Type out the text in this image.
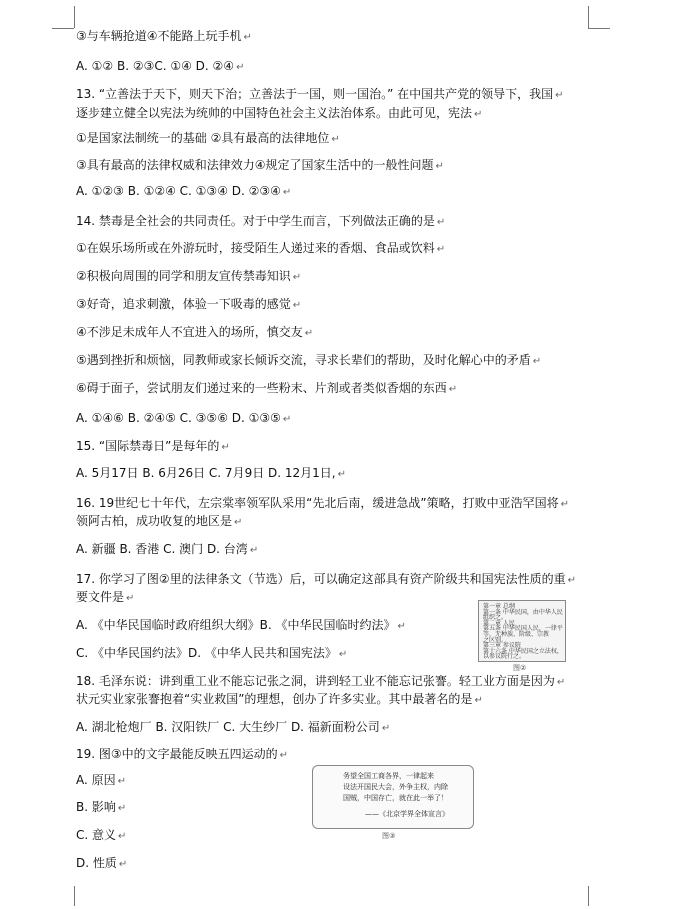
③与车辆抢道④不能路上玩手机 ↵
A. ①② B. ②③C. ①④ D. ②④ ↵
13. “立善法于天下，则天下治；立善法于一国，则一国治。” 在中国共产党的领导下，我国 ↵
逐步建立健全以宪法为统帅的中国特色社会主义法治体系。由此可见，宪法 ↵
①是国家法制统一的基础 ②具有最高的法律地位 ↵
③具有最高的法律权威和法律效力④规定了国家生活中的一般性问题 ↵
A. ①②③ B. ①②④ C. ①③④ D. ②③④ ↵
14. 禁毒是全社会的共同责任。对于中学生而言，下列做法正确的是 ↵
①在娱乐场所或在外游玩时，接受陌生人递过来的香烟、食品或饮料 ↵
②积极向周围的同学和朋友宣传禁毒知识 ↵
③好奇，追求刺激，体验一下吸毒的感觉 ↵
④不涉足未成年人不宜进入的场所，慎交友 ↵
⑤遇到挫折和烦恼，同教师或家长倾诉交流，寻求长辈们的帮助，及时化解心中的矛盾 ↵
⑥碍于面子，尝试朋友们递过来的一些粉末、片剂或者类似香烟的东西 ↵
A. ①④⑥ B. ②④⑤ C. ③⑤⑥ D. ①③⑤ ↵
15. “国际禁毒日”是每年的 ↵
A. 5月17日 B. 6月26日 C. 7月9日 D. 12月1日, ↵
16. 19世纪七十年代，左宗棠率领军队采用“先北后南，缓进急战”策略，打败中亚浩罕国将 ↵
领阿古柏，成功收复的地区是 ↵
A. 新疆 B. 香港 C. 澳门 D. 台湾 ↵
17. 你学习了图②里的法律条文（节选）后，可以确定这部具有资产阶级共和国宪法性质的重 ↵
要文件是 ↵
A. 《中华民国临时政府组织大纲》B. 《中华民国临时约法》 ↵
C. 《中华民国约法》D. 《中华人民共和国宪法》 ↵
18. 毛泽东说：讲到重工业不能忘记张之洞，讲到轻工业不能忘记张謇。轻工业方面是因为 ↵
状元实业家张謇抱着“实业救国”的理想，创办了许多实业。其中最著名的是 ↵
A. 湖北枪炮厂 B. 汉阳铁厂 C. 大生纱厂 D. 福新面粉公司 ↵
19. 图③中的文字最能反映五四运动的 ↵
A. 原因 ↵
B. 影响 ↵
C. 意义 ↵
D. 性质 ↵
第一章 总纲
第一条 中华民国，由中华人民
组织之。
第二章 人民
第五条 中华民国人民，一律平
等，无种族、阶级、宗教
之区别。
第三章 参议院
第十六条 中华民国之立法权，
以参议院行之。
图②
务望全国工商各界，一律起来
设法开国民大会，外争主权，内除
国贼，中国存亡，就在此一举了！
——《北京学界全体宣言》
图③
